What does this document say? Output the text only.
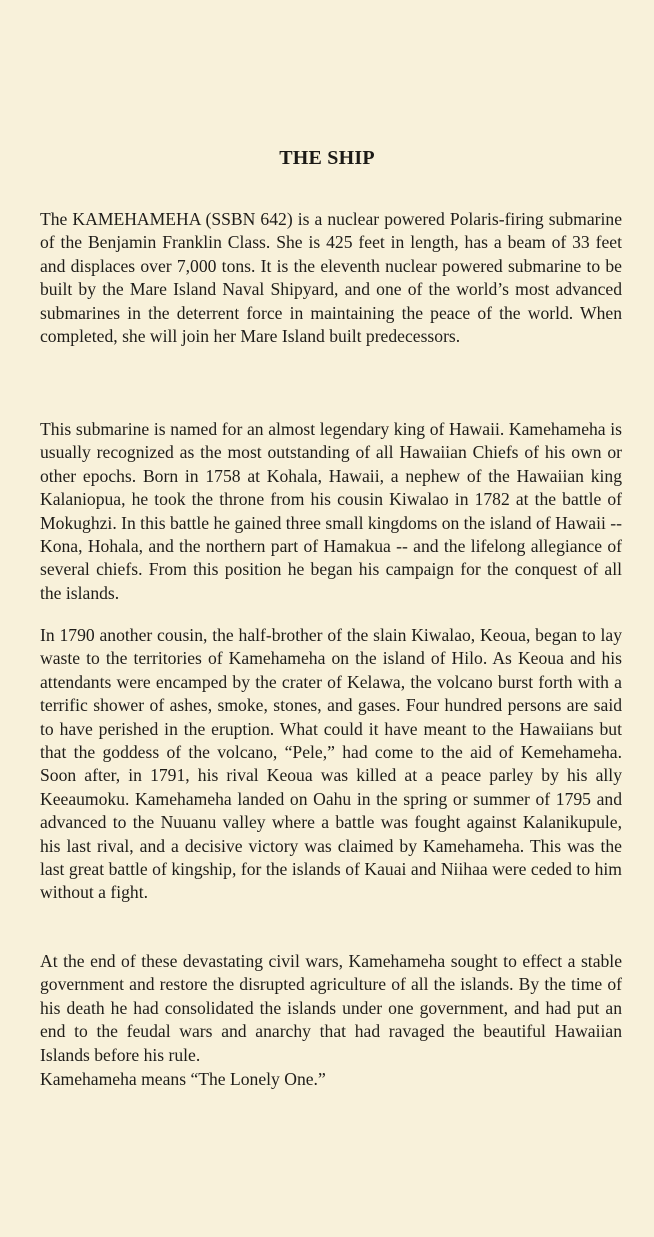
THE SHIP

The KAMEHAMEHA (SSBN 642) is a nuclear powered Polaris-firing submarine of the Benjamin Franklin Class. She is 425 feet in length, has a beam of 33 feet and displaces over 7,000 tons. It is the eleventh nuclear powered submarine to be built by the Mare Island Naval Shipyard, and one of the world’s most advanced submarines in the deterrent force in maintaining the peace of the world. When completed, she will join her Mare Island built predecessors.

This submarine is named for an almost legendary king of Hawaii. Kamehameha is usually recognized as the most outstanding of all Hawaiian Chiefs of his own or other epochs. Born in 1758 at Kohala, Hawaii, a nephew of the Hawaiian king Kalaniopua, he took the throne from his cousin Kiwalao in 1782 at the battle of Mokughzi. In this battle he gained three small kingdoms on the island of Hawaii -- Kona, Hohala, and the northern part of Hamakua -- and the lifelong allegiance of several chiefs. From this position he began his campaign for the conquest of all the islands.

In 1790 another cousin, the half-brother of the slain Kiwalao, Keoua, began to lay waste to the territories of Kamehameha on the island of Hilo. As Keoua and his attendants were encamped by the crater of Kelawa, the volcano burst forth with a terrific shower of ashes, smoke, stones, and gases. Four hundred persons are said to have perished in the eruption. What could it have meant to the Hawaiians but that the goddess of the volcano, “Pele,” had come to the aid of Kemehameha. Soon after, in 1791, his rival Keoua was killed at a peace parley by his ally Keeaumoku. Kamehameha landed on Oahu in the spring or summer of 1795 and advanced to the Nuuanu valley where a battle was fought against Kalanikupule, his last rival, and a decisive victory was claimed by Kamehameha. This was the last great battle of kingship, for the islands of Kauai and Niihaa were ceded to him without a fight.

At the end of these devastating civil wars, Kamehameha sought to effect a stable government and restore the disrupted agriculture of all the islands. By the time of his death he had consolidated the islands under one government, and had put an end to the feudal wars and anarchy that had ravaged the beautiful Hawaiian Islands before his rule.

Kamehameha means “The Lonely One.”
